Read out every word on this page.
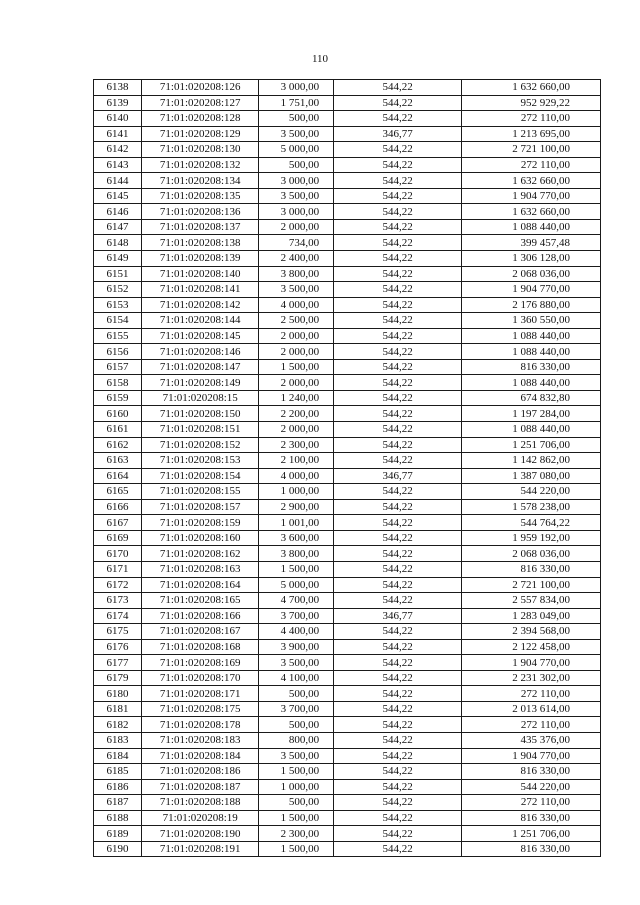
110
6138	71:01:020208:126	3 000,00	544,22	1 632 660,00
6139	71:01:020208:127	1 751,00	544,22	952 929,22
6140	71:01:020208:128	500,00	544,22	272 110,00
6141	71:01:020208:129	3 500,00	346,77	1 213 695,00
6142	71:01:020208:130	5 000,00	544,22	2 721 100,00
6143	71:01:020208:132	500,00	544,22	272 110,00
6144	71:01:020208:134	3 000,00	544,22	1 632 660,00
6145	71:01:020208:135	3 500,00	544,22	1 904 770,00
6146	71:01:020208:136	3 000,00	544,22	1 632 660,00
6147	71:01:020208:137	2 000,00	544,22	1 088 440,00
6148	71:01:020208:138	734,00	544,22	399 457,48
6149	71:01:020208:139	2 400,00	544,22	1 306 128,00
6151	71:01:020208:140	3 800,00	544,22	2 068 036,00
6152	71:01:020208:141	3 500,00	544,22	1 904 770,00
6153	71:01:020208:142	4 000,00	544,22	2 176 880,00
6154	71:01:020208:144	2 500,00	544,22	1 360 550,00
6155	71:01:020208:145	2 000,00	544,22	1 088 440,00
6156	71:01:020208:146	2 000,00	544,22	1 088 440,00
6157	71:01:020208:147	1 500,00	544,22	816 330,00
6158	71:01:020208:149	2 000,00	544,22	1 088 440,00
6159	71:01:020208:15	1 240,00	544,22	674 832,80
6160	71:01:020208:150	2 200,00	544,22	1 197 284,00
6161	71:01:020208:151	2 000,00	544,22	1 088 440,00
6162	71:01:020208:152	2 300,00	544,22	1 251 706,00
6163	71:01:020208:153	2 100,00	544,22	1 142 862,00
6164	71:01:020208:154	4 000,00	346,77	1 387 080,00
6165	71:01:020208:155	1 000,00	544,22	544 220,00
6166	71:01:020208:157	2 900,00	544,22	1 578 238,00
6167	71:01:020208:159	1 001,00	544,22	544 764,22
6169	71:01:020208:160	3 600,00	544,22	1 959 192,00
6170	71:01:020208:162	3 800,00	544,22	2 068 036,00
6171	71:01:020208:163	1 500,00	544,22	816 330,00
6172	71:01:020208:164	5 000,00	544,22	2 721 100,00
6173	71:01:020208:165	4 700,00	544,22	2 557 834,00
6174	71:01:020208:166	3 700,00	346,77	1 283 049,00
6175	71:01:020208:167	4 400,00	544,22	2 394 568,00
6176	71:01:020208:168	3 900,00	544,22	2 122 458,00
6177	71:01:020208:169	3 500,00	544,22	1 904 770,00
6179	71:01:020208:170	4 100,00	544,22	2 231 302,00
6180	71:01:020208:171	500,00	544,22	272 110,00
6181	71:01:020208:175	3 700,00	544,22	2 013 614,00
6182	71:01:020208:178	500,00	544,22	272 110,00
6183	71:01:020208:183	800,00	544,22	435 376,00
6184	71:01:020208:184	3 500,00	544,22	1 904 770,00
6185	71:01:020208:186	1 500,00	544,22	816 330,00
6186	71:01:020208:187	1 000,00	544,22	544 220,00
6187	71:01:020208:188	500,00	544,22	272 110,00
6188	71:01:020208:19	1 500,00	544,22	816 330,00
6189	71:01:020208:190	2 300,00	544,22	1 251 706,00
6190	71:01:020208:191	1 500,00	544,22	816 330,00
